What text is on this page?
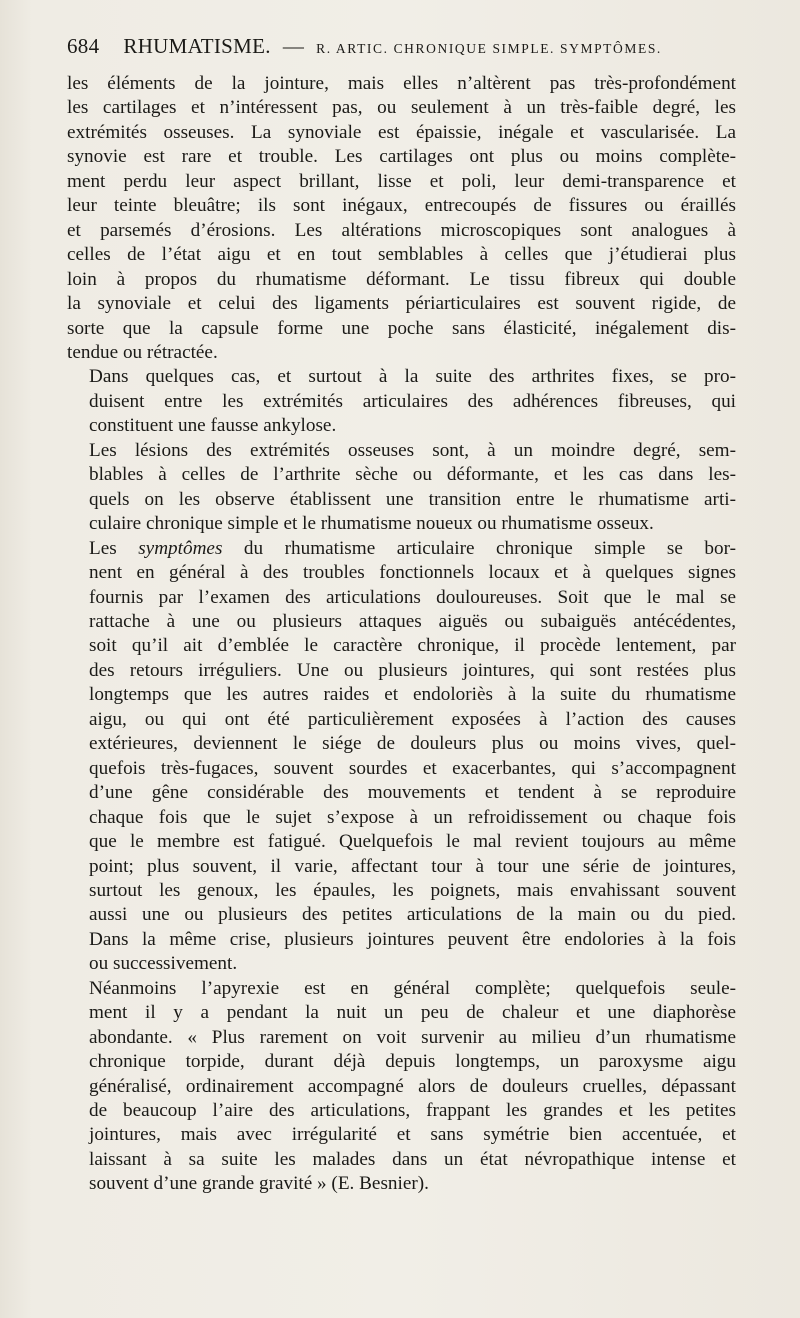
684 RHUMATISME. — R. ARTIC. CHRONIQUE SIMPLE. SYMPTÔMES.

les éléments de la jointure, mais elles n’altèrent pas très-profondément
les cartilages et n’intéressent pas, ou seulement à un très-faible degré, les
extrémités osseuses. La synoviale est épaissie, inégale et vascularisée. La
synovie est rare et trouble. Les cartilages ont plus ou moins complète-
ment perdu leur aspect brillant, lisse et poli, leur demi-transparence et
leur teinte bleuâtre; ils sont inégaux, entrecoupés de fissures ou éraillés
et parsemés d’érosions. Les altérations microscopiques sont analogues à
celles de l’état aigu et en tout semblables à celles que j’étudierai plus
loin à propos du rhumatisme déformant. Le tissu fibreux qui double
la synoviale et celui des ligaments périarticulaires est souvent rigide, de
sorte que la capsule forme une poche sans élasticité, inégalement dis-
tendue ou rétractée.

Dans quelques cas, et surtout à la suite des arthrites fixes, se pro-
duisent entre les extrémités articulaires des adhérences fibreuses, qui
constituent une fausse ankylose.

Les lésions des extrémités osseuses sont, à un moindre degré, sem-
blables à celles de l’arthrite sèche ou déformante, et les cas dans les-
quels on les observe établissent une transition entre le rhumatisme arti-
culaire chronique simple et le rhumatisme noueux ou rhumatisme osseux.

Les symptômes du rhumatisme articulaire chronique simple se bor-
nent en général à des troubles fonctionnels locaux et à quelques signes
fournis par l’examen des articulations douloureuses. Soit que le mal se
rattache à une ou plusieurs attaques aiguës ou subaiguës antécédentes,
soit qu’il ait d’emblée le caractère chronique, il procède lentement, par
des retours irréguliers. Une ou plusieurs jointures, qui sont restées plus
longtemps que les autres raides et endoloriès à la suite du rhumatisme
aigu, ou qui ont été particulièrement exposées à l’action des causes
extérieures, deviennent le siége de douleurs plus ou moins vives, quel-
quefois très-fugaces, souvent sourdes et exacerbantes, qui s’accompagnent
d’une gêne considérable des mouvements et tendent à se reproduire
chaque fois que le sujet s’expose à un refroidissement ou chaque fois
que le membre est fatigué. Quelquefois le mal revient toujours au même
point; plus souvent, il varie, affectant tour à tour une série de jointures,
surtout les genoux, les épaules, les poignets, mais envahissant souvent
aussi une ou plusieurs des petites articulations de la main ou du pied.
Dans la même crise, plusieurs jointures peuvent être endolories à la fois
ou successivement.

Néanmoins l’apyrexie est en général complète; quelquefois seule-
ment il y a pendant la nuit un peu de chaleur et une diaphorèse
abondante. « Plus rarement on voit survenir au milieu d’un rhumatisme
chronique torpide, durant déjà depuis longtemps, un paroxysme aigu
généralisé, ordinairement accompagné alors de douleurs cruelles, dépassant
de beaucoup l’aire des articulations, frappant les grandes et les petites
jointures, mais avec irrégularité et sans symétrie bien accentuée, et
laissant à sa suite les malades dans un état névropathique intense et
souvent d’une grande gravité » (E. Besnier).
